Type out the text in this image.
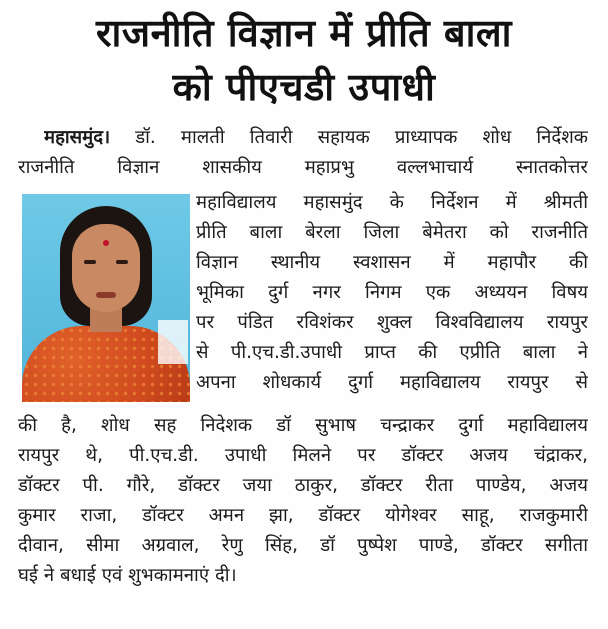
राजनीति विज्ञान में प्रीति बाला
को पीएचडी उपाधी
महासमुंद। डॉ. मालती तिवारी सहायक प्राध्यापक शोध निर्देशक
राजनीति विज्ञान शासकीय महाप्रभु वल्लभाचार्य स्नातकोत्तर
महाविद्यालय महासमुंद के निर्देशन में श्रीमती
प्रीति बाला बेरला जिला बेमेतरा को राजनीति
विज्ञान स्थानीय स्वशासन में महापौर की
भूमिका दुर्ग नगर निगम एक अध्ययन विषय
पर पंडित रविशंकर शुक्ल विश्वविद्यालय रायपुर
से पी.एच.डी.उपाधी प्राप्त की एप्रीति बाला ने
अपना शोधकार्य दुर्गा महाविद्यालय रायपुर से
की है, शोध सह निदेशक डॉ सुभाष चन्द्राकर दुर्गा महाविद्यालय
रायपुर थे, पी.एच.डी. उपाधी मिलने पर डॉक्टर अजय चंद्राकर,
डॉक्टर पी. गौरे, डॉक्टर जया ठाकुर, डॉक्टर रीता पाण्डेय, अजय
कुमार राजा, डॉक्टर अमन झा, डॉक्टर योगेश्वर साहू, राजकुमारी
दीवान, सीमा अग्रवाल, रेणु सिंह, डॉ पुष्पेश पाण्डे, डॉक्टर सगीता
घई ने बधाई एवं शुभकामनाएं दी।
